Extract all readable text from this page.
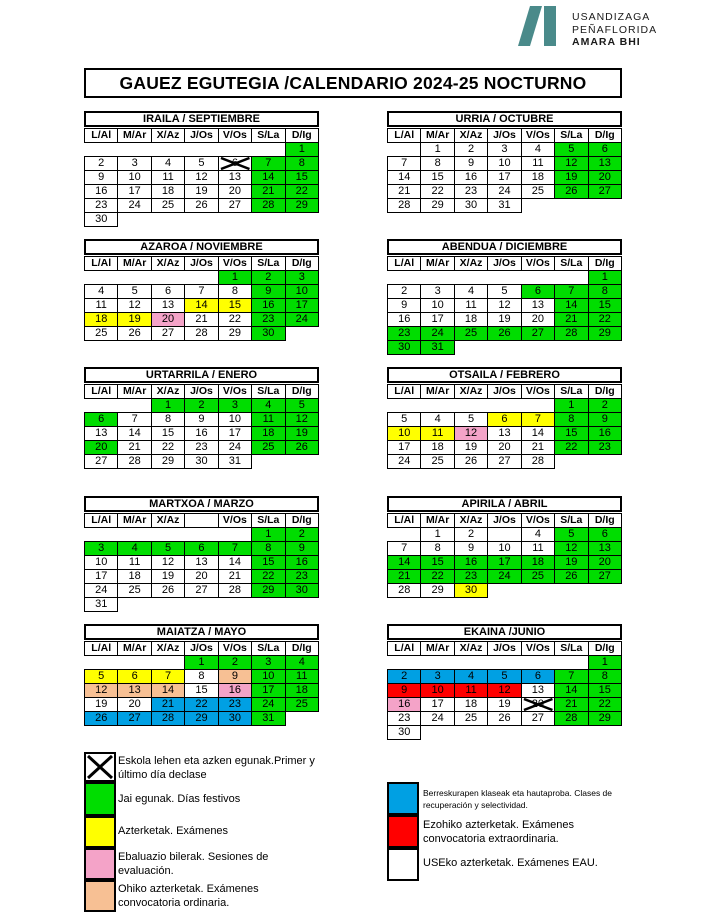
USANDIZAGA
PEÑAFLORIDA
AMARA BHI
GAUEZ EGUTEGIA /CALENDARIO 2024-25 NOCTURNO
IRAILA / SEPTIEMBRE
L/Al	M/Ar	X/Az	J/Os	V/Os	S/La	D/Ig
						1
2	3	4	5	6	7	8
9	10	11	12	13	14	15
16	17	18	19	20	21	22
23	24	25	26	27	28	29
30						
URRIA / OCTUBRE
L/Al	M/Ar	X/Az	J/Os	V/Os	S/La	D/Ig
	1	2	3	4	5	6
7	8	9	10	11	12	13
14	15	16	17	18	19	20
21	22	23	24	25	26	27
28	29	30	31			
AZAROA / NOVIEMBRE
L/Al	M/Ar	X/Az	J/Os	V/Os	S/La	D/Ig
				1	2	3
4	5	6	7	8	9	10
11	12	13	14	15	16	17
18	19	20	21	22	23	24
25	26	27	28	29	30	
ABENDUA / DICIEMBRE
L/Al	M/Ar	X/Az	J/Os	V/Os	S/La	D/Ig
						1
2	3	4	5	6	7	8
9	10	11	12	13	14	15
16	17	18	19	20	21	22
23	24	25	26	27	28	29
30	31					
URTARRILA / ENERO
L/Al	M/Ar	X/Az	J/Os	V/Os	S/La	D/Ig
		1	2	3	4	5
6	7	8	9	10	11	12
13	14	15	16	17	18	19
20	21	22	23	24	25	26
27	28	29	30	31		
OTSAILA / FEBRERO
L/Al	M/Ar	X/Az	J/Os	V/Os	S/La	D/Ig
					1	2
5	4	5	6	7	8	9
10	11	12	13	14	15	16
17	18	19	20	21	22	23
24	25	26	27	28		
MARTXOA / MARZO
L/Al	M/Ar	X/Az		V/Os	S/La	D/Ig
					1	2
3	4	5	6	7	8	9
10	11	12	13	14	15	16
17	18	19	20	21	22	23
24	25	26	27	28	29	30
31						
APIRILA / ABRIL
L/Al	M/Ar	X/Az	J/Os	V/Os	S/La	D/Ig
	1	2		4	5	6
7	8	9	10	11	12	13
14	15	16	17	18	19	20
21	22	23	24	25	26	27
28	29	30				
MAIATZA / MAYO
L/Al	M/Ar	X/Az	J/Os	V/Os	S/La	D/Ig
			1	2	3	4
5	6	7	8	9	10	11
12	13	14	15	16	17	18
19	20	21	22	23	24	25
26	27	28	29	30	31	
EKAINA /JUNIO
L/Al	M/Ar	X/Az	J/Os	V/Os	S/La	D/Ig
						1
2	3	4	5	6	7	8
9	10	11	12	13	14	15
16	17	18	19	20	21	22
23	24	25	26	27	28	29
30						
Eskola lehen eta azken egunak.Primer y último día declase
Jai egunak. Días festivos
Azterketak. Exámenes
Ebaluazio bilerak. Sesiones de evaluación.
Ohiko azterketak. Exámenes convocatoria ordinaria.
Berreskurapen klaseak eta hautaproba. Clases de recuperación y selectividad.
Ezohiko azterketak. Exámenes convocatoria extraordinaria.
USEko azterketak. Exámenes EAU.
